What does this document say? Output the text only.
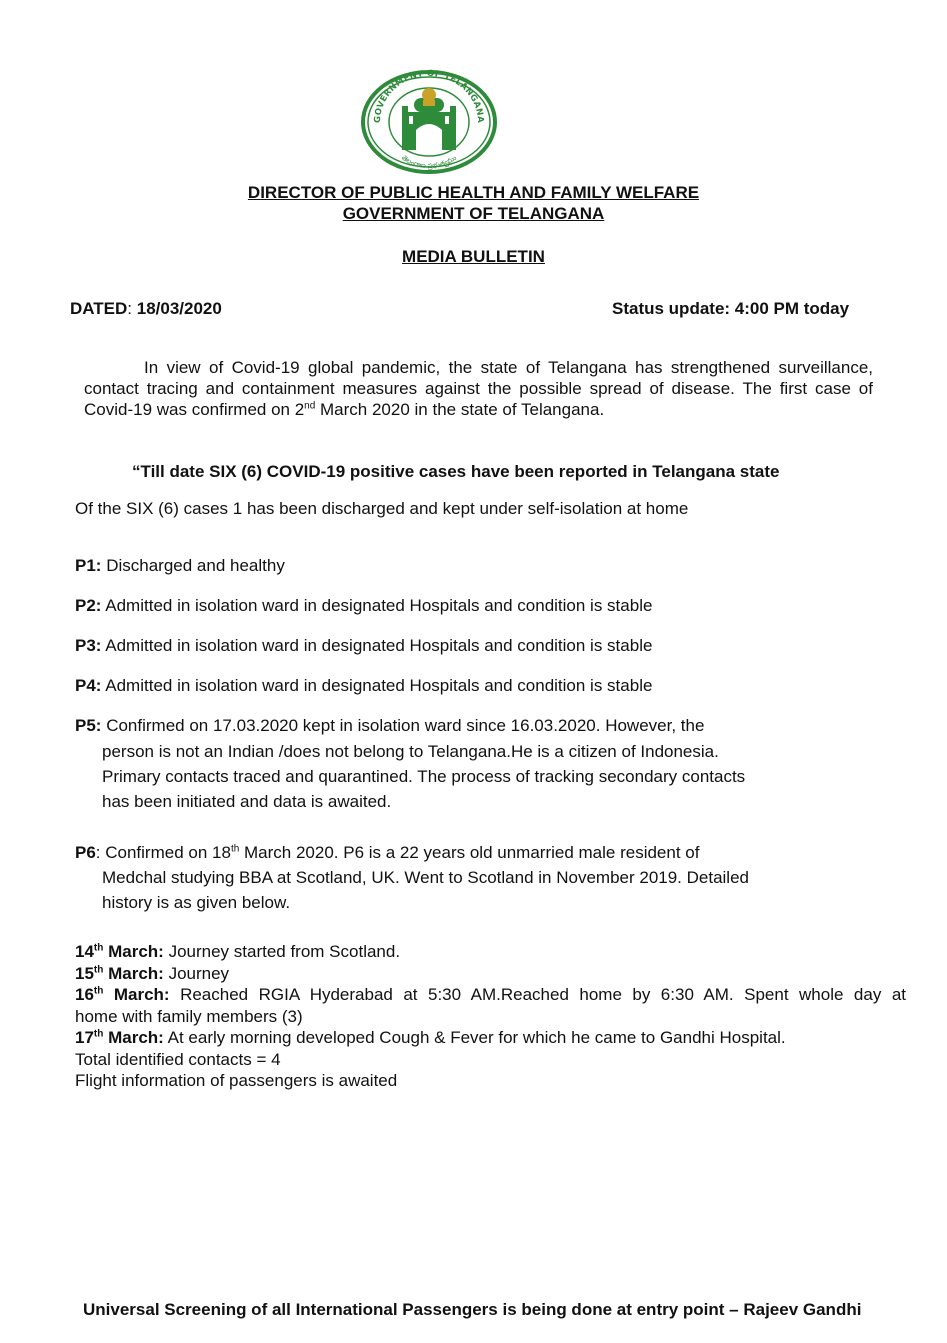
GOVERNMENT OF TELANGANA
తెలంగాణ ప్రభుత్వము
DIRECTOR OF PUBLIC HEALTH AND FAMILY WELFARE
GOVERNMENT OF TELANGANA
MEDIA BULLETIN
DATED: 18/03/2020	Status update: 4:00 PM today
In view of Covid-19 global pandemic, the state of Telangana has strengthened surveillance, contact tracing and containment measures against the possible spread of disease. The first case of Covid-19 was confirmed on 2nd March 2020 in the state of Telangana.
“Till date SIX (6) COVID-19 positive cases have been reported in Telangana state
Of the SIX (6) cases 1 has been discharged and kept under self-isolation at home
P1: Discharged and healthy
P2: Admitted in isolation ward in designated Hospitals and condition is stable
P3: Admitted in isolation ward in designated Hospitals and condition is stable
P4: Admitted in isolation ward in designated Hospitals and condition is stable
P5: Confirmed on 17.03.2020 kept in isolation ward since 16.03.2020. However, the
person is not an Indian /does not belong to Telangana.He is a citizen of Indonesia.
Primary contacts traced and quarantined. The process of tracking secondary contacts
has been initiated and data is awaited.
P6: Confirmed on 18th March 2020. P6 is a 22 years old unmarried male resident of
Medchal studying BBA at Scotland, UK. Went to Scotland in November 2019. Detailed
history is as given below.
14th March: Journey started from Scotland.
15th March: Journey
16th March: Reached RGIA Hyderabad at 5:30 AM.Reached home by 6:30 AM. Spent whole day at
home with family members (3)
17th March: At early morning developed Cough & Fever for which he came to Gandhi Hospital.
Total identified contacts = 4
Flight information of passengers is awaited
Universal Screening of all International Passengers is being done at entry point – Rajeev Gandhi
